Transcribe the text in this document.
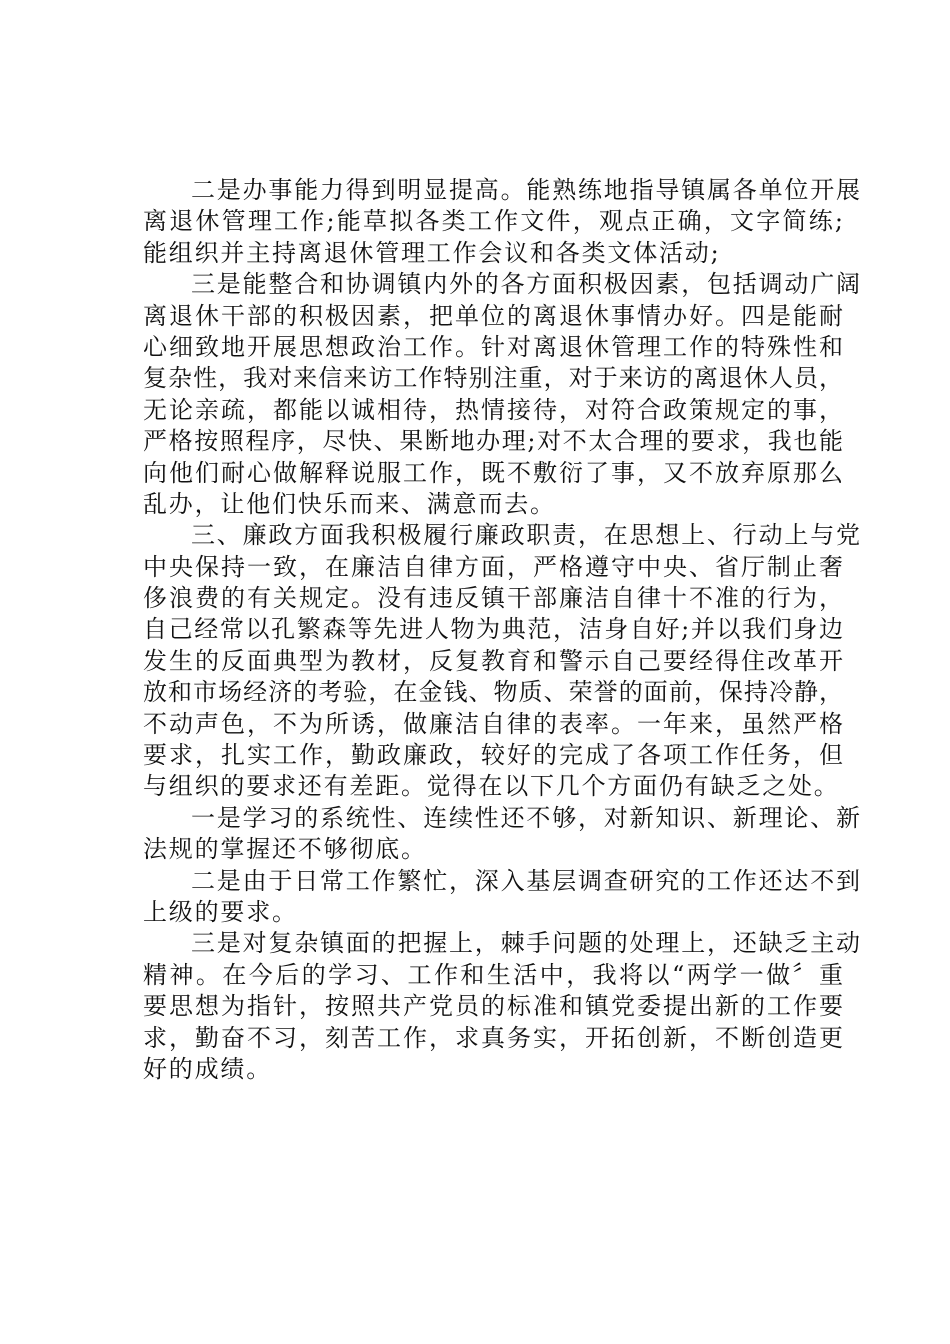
二是办事能力得到明显提高。能熟练地指导镇属各单位开展
离退休管理工作;能草拟各类工作文件，观点正确，文字简练;
能组织并主持离退休管理工作会议和各类文体活动;
三是能整合和协调镇内外的各方面积极因素，包括调动广阔
离退休干部的积极因素，把单位的离退休事情办好。四是能耐
心细致地开展思想政治工作。针对离退休管理工作的特殊性和
复杂性，我对来信来访工作特别注重，对于来访的离退休人员，
无论亲疏，都能以诚相待，热情接待，对符合政策规定的事，
严格按照程序，尽快、果断地办理;对不太合理的要求，我也能
向他们耐心做解释说服工作，既不敷衍了事，又不放弃原那么
乱办，让他们快乐而来、满意而去。
三、廉政方面我积极履行廉政职责，在思想上、行动上与党
中央保持一致，在廉洁自律方面，严格遵守中央、省厅制止奢
侈浪费的有关规定。没有违反镇干部廉洁自律十不准的行为，
自己经常以孔繁森等先进人物为典范，洁身自好;并以我们身边
发生的反面典型为教材，反复教育和警示自己要经得住改革开
放和市场经济的考验，在金钱、物质、荣誉的面前，保持冷静，
不动声色，不为所诱，做廉洁自律的表率。一年来，虽然严格
要求，扎实工作，勤政廉政，较好的完成了各项工作任务，但
与组织的要求还有差距。觉得在以下几个方面仍有缺乏之处。
一是学习的系统性、连续性还不够，对新知识、新理论、新
法规的掌握还不够彻底。
二是由于日常工作繁忙，深入基层调查研究的工作还达不到
上级的要求。
三是对复杂镇面的把握上，棘手问题的处理上，还缺乏主动
精神。在今后的学习、工作和生活中，我将以“两学一做〞重
要思想为指针，按照共产党员的标准和镇党委提出新的工作要
求，勤奋不习，刻苦工作，求真务实，开拓创新，不断创造更
好的成绩。
